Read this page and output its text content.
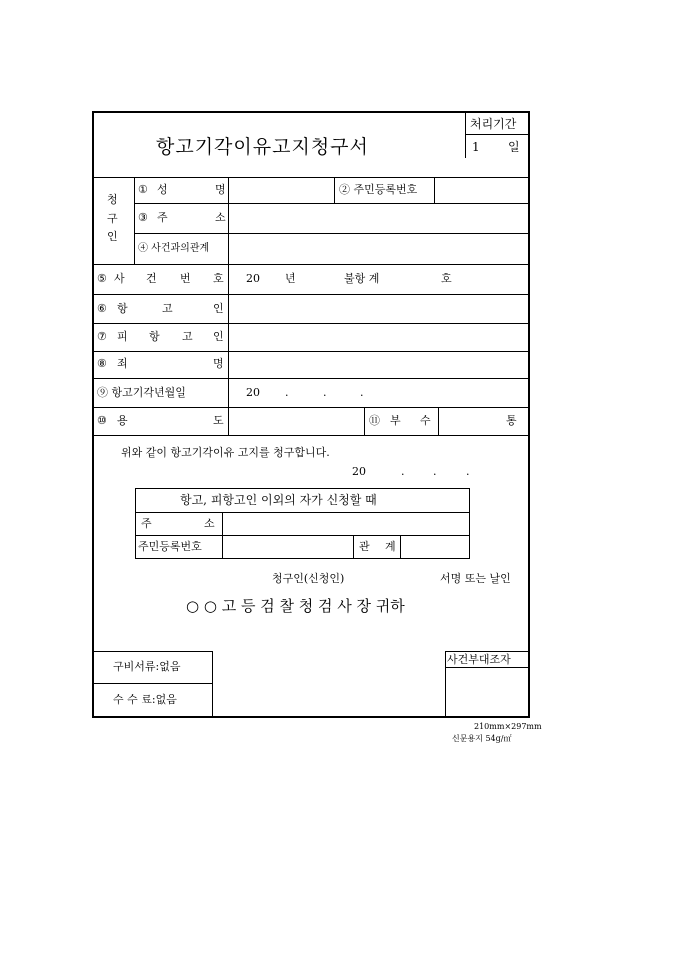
항고기각이유고지청구서
처리기간
1 일
청
구
인
① 성	명	② 주민등록번호
③ 주	소
④ 사건과의관계
⑤ 사 건 번 호 20 년	불항 계	호
⑥ 항	고	인
⑦ 피 항 고 인
⑧ 죄	명
⑨ 항고기각년월일	20 .	.	.
⑩ 용	도	⑪ 부 수	통
위와 같이 항고기각이유 고지를 청구합니다.
20	.	.	.
항고, 피항고인 이외의 자가 신청할 때
주	소
주민등록번호	관 계
청구인(신청인)	서명 또는 날인
○ ○ 고 등 검 찰 청 검 사 장 귀하
구비서류:없음
수 수 료:없음
사건부대조자
210mm×297mm
신문용지 54g/㎡
